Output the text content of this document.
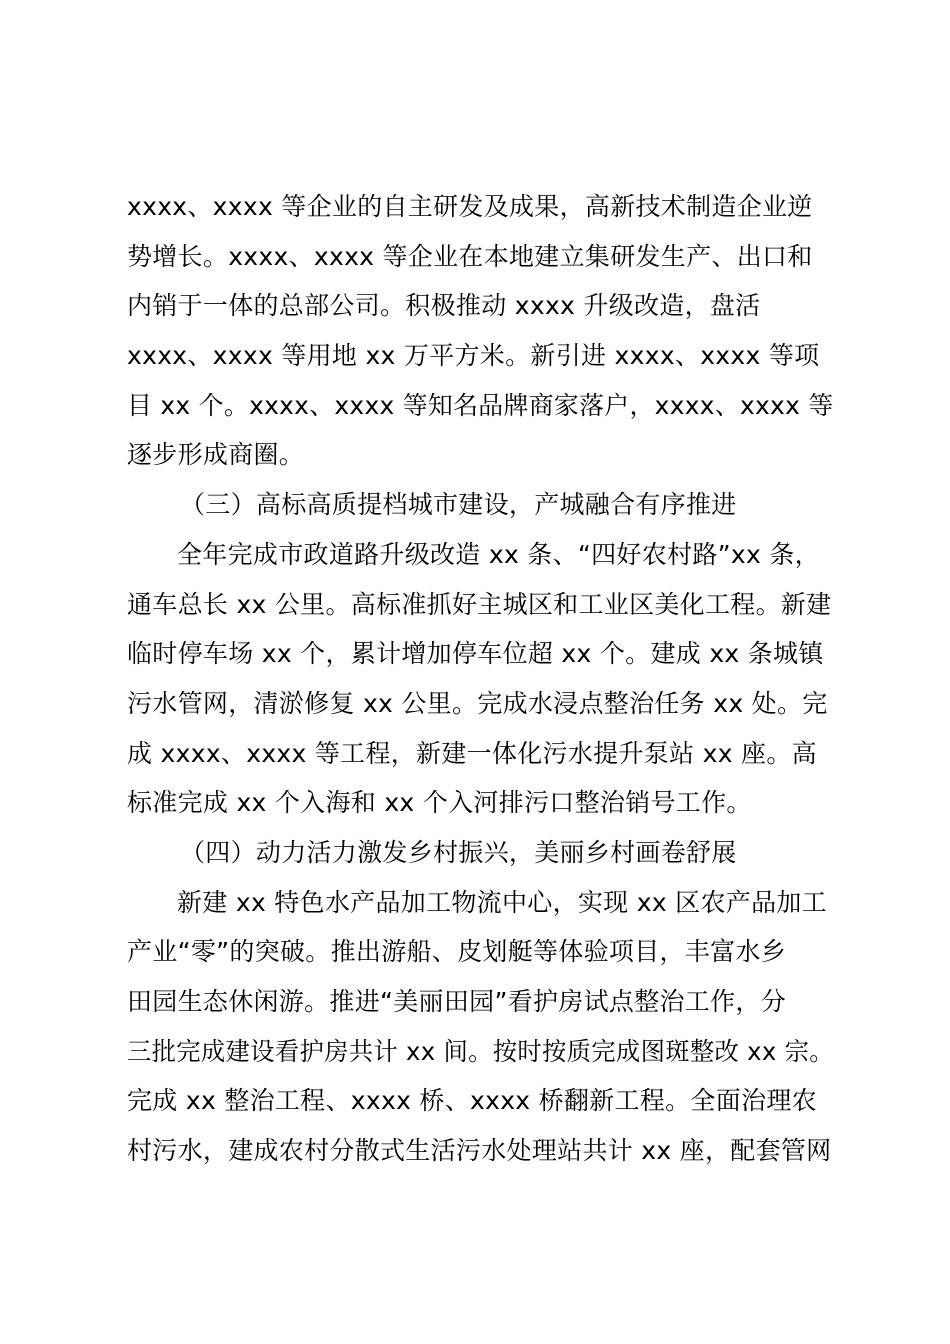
xxxx、xxxx 等企业的自主研发及成果，高新技术制造企业逆
势增长。xxxx、xxxx 等企业在本地建立集研发生产、出口和
内销于一体的总部公司。积极推动 xxxx 升级改造，盘活
xxxx、xxxx 等用地 xx 万平方米。新引进 xxxx、xxxx 等项
目 xx 个。xxxx、xxxx 等知名品牌商家落户，xxxx、xxxx 等
逐步形成商圈。
（三）高标高质提档城市建设，产城融合有序推进
全年完成市政道路升级改造 xx 条、“四好农村路”xx 条，
通车总长 xx 公里。高标准抓好主城区和工业区美化工程。新建
临时停车场 xx 个，累计增加停车位超 xx 个。建成 xx 条城镇
污水管网，清淤修复 xx 公里。完成水浸点整治任务 xx 处。完
成 xxxx、xxxx 等工程，新建一体化污水提升泵站 xx 座。高
标准完成 xx 个入海和 xx 个入河排污口整治销号工作。
（四）动力活力激发乡村振兴，美丽乡村画卷舒展
新建 xx 特色水产品加工物流中心，实现 xx 区农产品加工
产业“零”的突破。推出游船、皮划艇等体验项目，丰富水乡
田园生态休闲游。推进“美丽田园”看护房试点整治工作，分
三批完成建设看护房共计 xx 间。按时按质完成图斑整改 xx 宗。
完成 xx 整治工程、xxxx 桥、xxxx 桥翻新工程。全面治理农
村污水，建成农村分散式生活污水处理站共计 xx 座，配套管网
